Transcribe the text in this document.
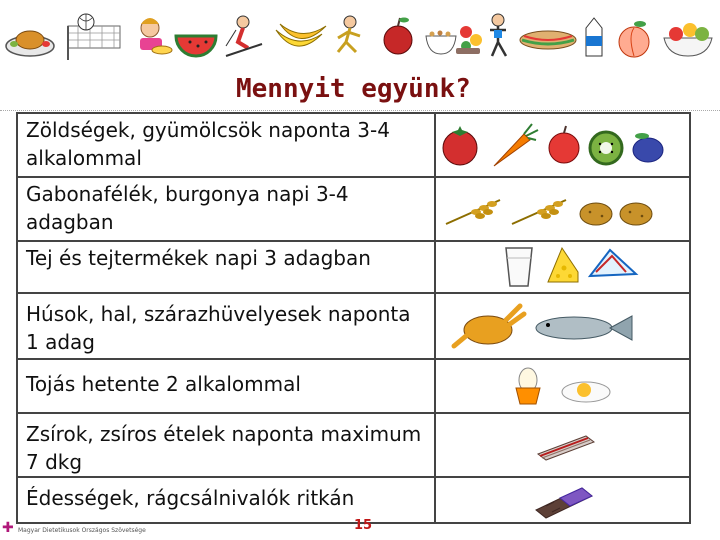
Mennyit együnk?
Zöldségek, gyümölcsök naponta 3-4 alkalommal	

Gabonafélék, burgonya napi 3-4 adagban	

Tej és tejtermékek napi 3 adagban	

Húsok, hal, szárazhüvelyesek naponta 1 adag	

Tojás hetente 2 alkalommal	

Zsírok, zsíros ételek naponta maximum 7 dkg	

Édességek, rágcsálnivalók ritkán	
✚ Magyar Dietetikusok Országos Szövetsége	15
